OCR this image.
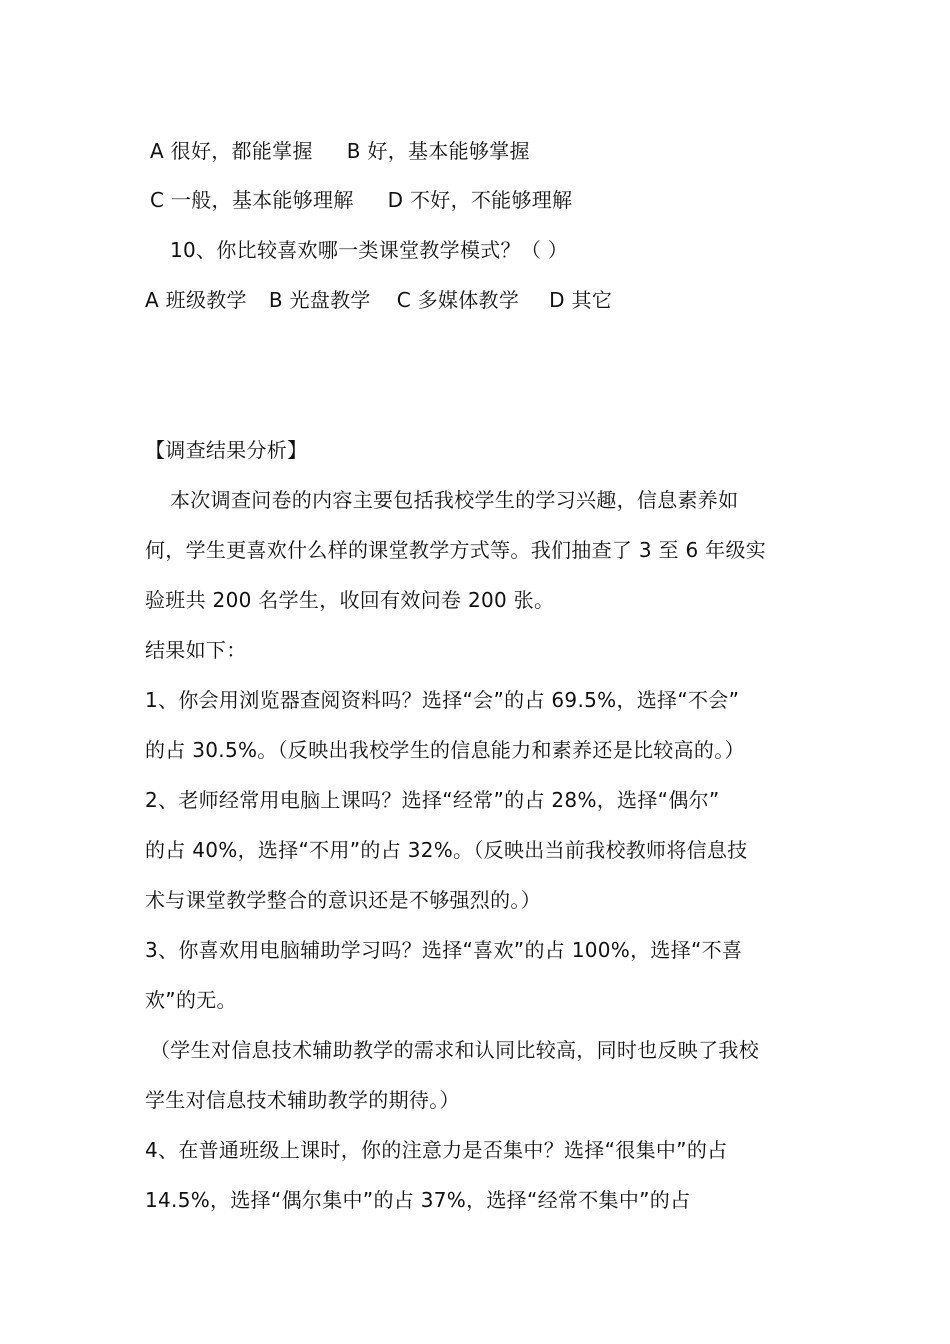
A 很好，都能掌握 B 好，基本能够掌握
C 一般，基本能够理解 D 不好，不能够理解
10、你比较喜欢哪一类课堂教学模式？（ ）
A 班级教学 B 光盘教学 C 多媒体教学 D 其它
【调查结果分析】
本次调查问卷的内容主要包括我校学生的学习兴趣，信息素养如
何，学生更喜欢什么样的课堂教学方式等。我们抽查了 3 至 6 年级实
验班共 200 名学生，收回有效问卷 200 张。
结果如下：
1、你会用浏览器查阅资料吗？选择“会”的占 69.5%，选择“不会”
的占 30.5%。（反映出我校学生的信息能力和素养还是比较高的。）
2、老师经常用电脑上课吗？选择“经常”的占 28%，选择“偶尔”
的占 40%，选择“不用”的占 32%。（反映出当前我校教师将信息技
术与课堂教学整合的意识还是不够强烈的。）
3、你喜欢用电脑辅助学习吗？选择“喜欢”的占 100%，选择“不喜
欢”的无。
（学生对信息技术辅助教学的需求和认同比较高，同时也反映了我校
学生对信息技术辅助教学的期待。）
4、在普通班级上课时，你的注意力是否集中？选择“很集中”的占
14.5%，选择“偶尔集中”的占 37%，选择“经常不集中”的占
